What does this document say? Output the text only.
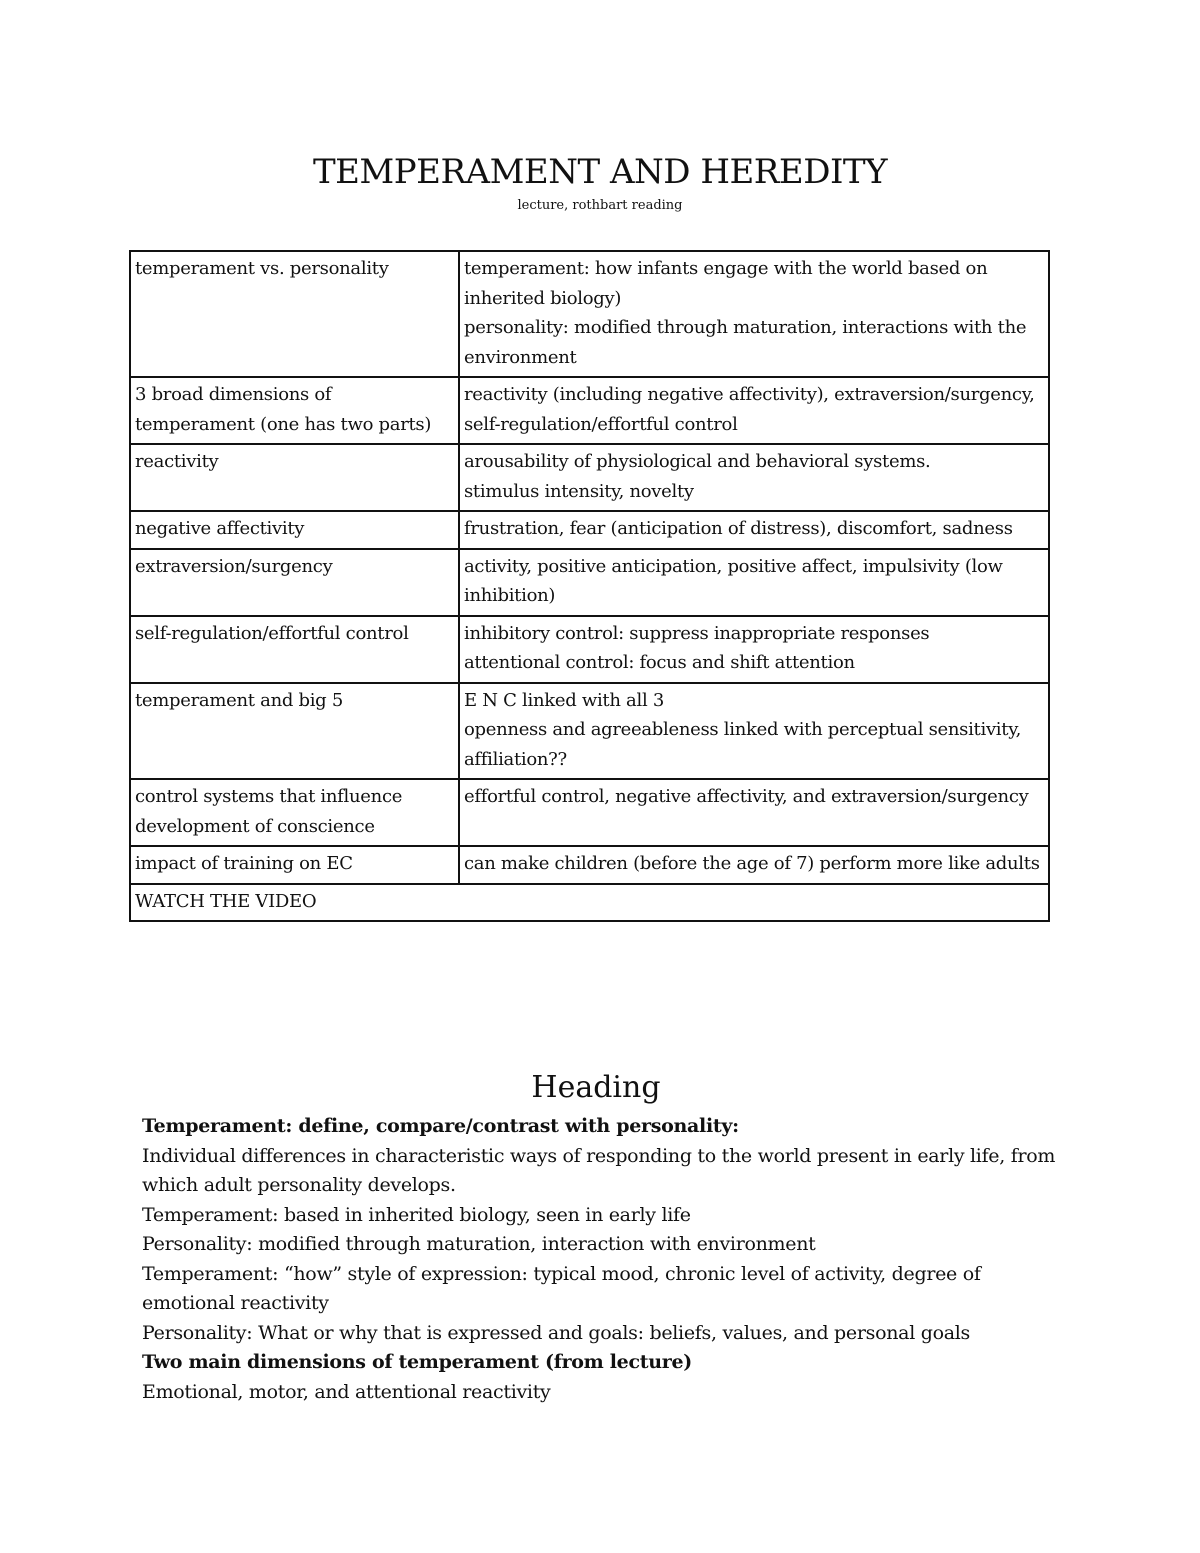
TEMPERAMENT AND HEREDITY
lecture, rothbart reading
temperament vs. personality	temperament: how infants engage with the world based on inherited biology)
personality: modified through maturation, interactions with the environment
3 broad dimensions of temperament (one has two parts)	reactivity (including negative affectivity), extraversion/surgency, self-regulation/effortful control
reactivity	arousability of physiological and behavioral systems.
stimulus intensity, novelty
negative affectivity	frustration, fear (anticipation of distress), discomfort, sadness
extraversion/surgency	activity, positive anticipation, positive affect, impulsivity (low inhibition)
self-regulation/effortful control	inhibitory control: suppress inappropriate responses
attentional control: focus and shift attention
temperament and big 5	E N C linked with all 3
openness and agreeableness linked with perceptual sensitivity, affiliation??
control systems that influence development of conscience	effortful control, negative affectivity, and extraversion/surgency
impact of training on EC	can make children (before the age of 7) perform more like adults
WATCH THE VIDEO	
Heading

Temperament: define, compare/contrast with personality:

Individual differences in characteristic ways of responding to the world present in early life, from which adult personality develops.

Temperament: based in inherited biology, seen in early life

Personality: modified through maturation, interaction with environment

Temperament: “how” style of expression: typical mood, chronic level of activity, degree of emotional reactivity

Personality: What or why that is expressed and goals: beliefs, values, and personal goals

Two main dimensions of temperament (from lecture)

Emotional, motor, and attentional reactivity
